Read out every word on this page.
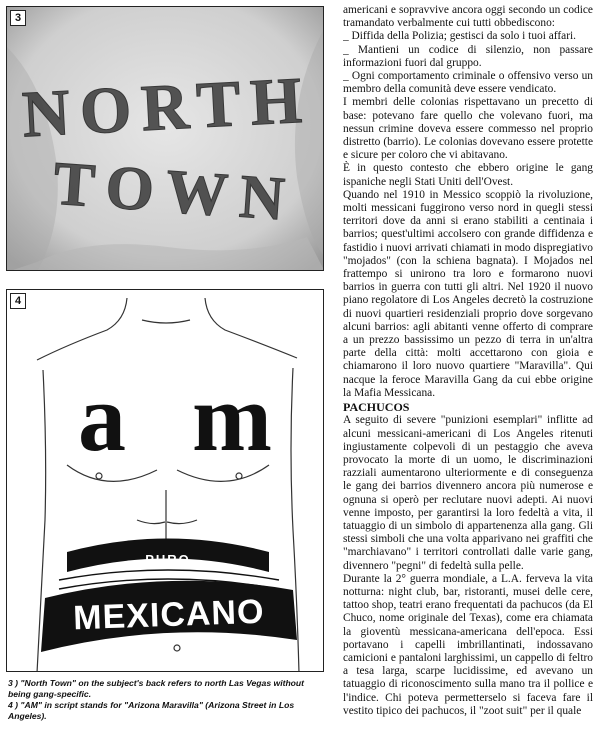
3
NORTH
TOWN
4
a m
PURO
MEXICANO

3 ) "North Town" on the subject's back refers to north Las Vegas without being gang-specific.

4 ) "AM" in script stands for "Arizona Maravilla" (Arizona Street in Los Angeles).

americani e sopravvive ancora oggi secondo un codice tramandato verbalmente cui tutti obbediscono:

_ Diffida della Polizia; gestisci da solo i tuoi affari.

_ Mantieni un codice di silenzio, non passare informazioni fuori dal gruppo.

_ Ogni comportamento criminale o offensivo verso un membro della comunità deve essere vendicato.

I membri delle colonias rispettavano un precetto di base: potevano fare quello che volevano fuori, ma nessun crimine doveva essere commesso nel proprio distretto (barrio). Le colonias dovevano essere protette e sicure per coloro che vi abitavano.

È in questo contesto che ebbero origine le gang ispaniche negli Stati Uniti dell'Ovest.

Quando nel 1910 in Messico scoppiò la rivoluzione, molti messicani fuggirono verso nord in quegli stessi territori dove da anni si erano stabiliti a centinaia i barrios; quest'ultimi accolsero con grande diffidenza e fastidio i nuovi arrivati chiamati in modo dispregiativo "mojados" (con la schiena bagnata). I Mojados nel frattempo si unirono tra loro e formarono nuovi barrios in guerra con tutti gli altri. Nel 1920 il nuovo piano regolatore di Los Angeles decretò la costruzione di nuovi quartieri residenziali proprio dove sorgevano alcuni barrios: agli abitanti venne offerto di comprare a un prezzo bassissimo un pezzo di terra in un'altra parte della città: molti accettarono con gioia e chiamarono il loro nuovo quartiere "Maravilla". Qui nacque la feroce Maravilla Gang da cui ebbe origine la Mafia Messicana.

PACHUCOS

A seguito di severe "punizioni esemplari" inflitte ad alcuni messicani-americani di Los Angeles ritenuti ingiustamente colpevoli di un pestaggio che aveva provocato la morte di un uomo, le discriminazioni razziali aumentarono ulteriormente e di conseguenza le gang dei barrios divennero ancora più numerose e ognuna si operò per reclutare nuovi adepti. Ai nuovi venne imposto, per garantirsi la loro fedeltà a vita, il tatuaggio di un simbolo di appartenenza alla gang. Gli stessi simboli che una volta apparivano nei graffiti che "marchiavano" i territori controllati dalle varie gang, divennero "pegni" di fedeltà sulla pelle.

Durante la 2° guerra mondiale, a L.A. ferveva la vita notturna: night club, bar, ristoranti, musei delle cere, tattoo shop, teatri erano frequentati da pachucos (da El Chuco, nome originale del Texas), come era chiamata la gioventù messicana-americana dell'epoca. Essi portavano i capelli imbrillantinati, indossavano camicioni e pantaloni larghissimi, un cappello di feltro a tesa larga, scarpe lucidissime, ed avevano un tatuaggio di riconoscimento sulla mano tra il pollice e l'indice. Chi poteva permetterselo si faceva fare il vestito tipico dei pachucos, il "zoot suit" per il quale
